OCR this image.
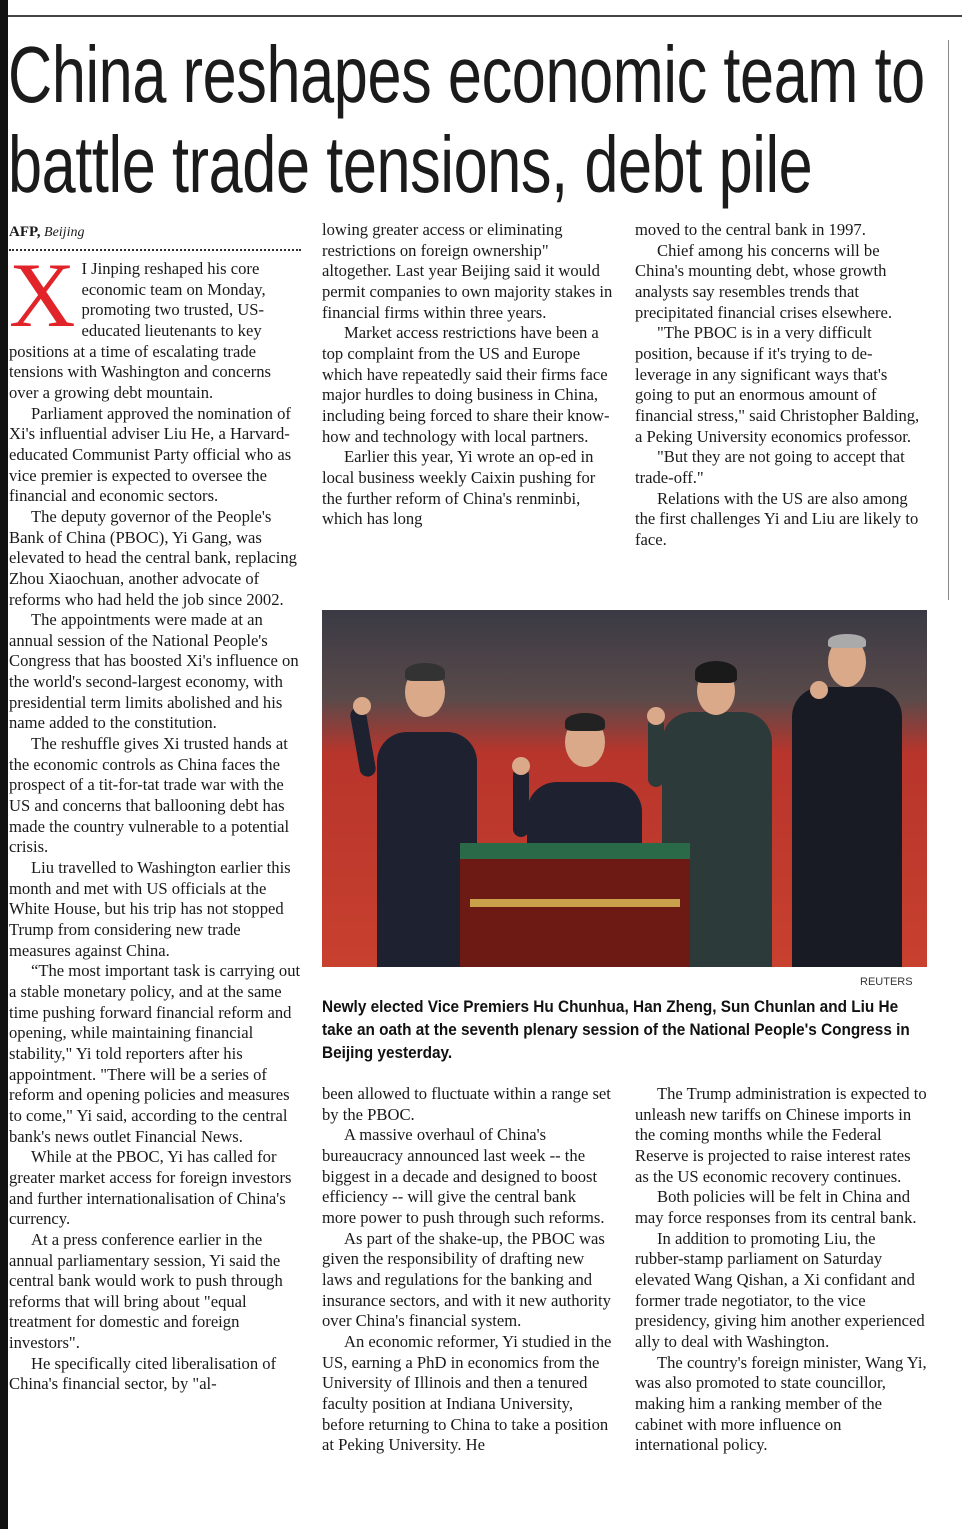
China reshapes economic team to
battle trade tensions, debt pile
AFP, Beijing
X I Jinping reshaped his core economic team on Monday, promoting two trusted, US-educated lieutenants to key positions at a time of escalating trade tensions with Washington and concerns over a growing debt mountain.

Parliament approved the nomination of Xi's influential adviser Liu He, a Harvard-educated Communist Party official who as vice premier is expected to oversee the financial and economic sectors.

The deputy governor of the People's Bank of China (PBOC), Yi Gang, was elevated to head the central bank, replacing Zhou Xiaochuan, another advocate of reforms who had held the job since 2002.

The appointments were made at an annual session of the National People's Congress that has boosted Xi's influence on the world's second-largest economy, with presidential term limits abolished and his name added to the constitution.

The reshuffle gives Xi trusted hands at the economic controls as China faces the prospect of a tit-for-tat trade war with the US and concerns that ballooning debt has made the country vulnerable to a potential crisis.

Liu travelled to Washington earlier this month and met with US officials at the White House, but his trip has not stopped Trump from considering new trade measures against China.

“The most important task is carrying out a stable monetary policy, and at the same time pushing forward financial reform and opening, while maintaining financial stability," Yi told reporters after his appointment. "There will be a series of reform and opening policies and measures to come," Yi said, according to the central bank's news outlet Financial News.

While at the PBOC, Yi has called for greater market access for foreign investors and further internationalisation of China's currency.

At a press conference earlier in the annual parliamentary session, Yi said the central bank would work to push through reforms that will bring about "equal treatment for domestic and foreign investors".

He specifically cited liberalisation of China's financial sector, by "al-

lowing greater access or eliminating restrictions on foreign ownership" altogether. Last year Beijing said it would permit companies to own majority stakes in financial firms within three years.

Market access restrictions have been a top complaint from the US and Europe which have repeatedly said their firms face major hurdles to doing business in China, including being forced to share their know-how and technology with local partners.

Earlier this year, Yi wrote an op-ed in local business weekly Caixin pushing for the further reform of China's renminbi, which has long

moved to the central bank in 1997.

Chief among his concerns will be China's mounting debt, whose growth analysts say resembles trends that precipitated financial crises elsewhere.

"The PBOC is in a very difficult position, because if it's trying to de-leverage in any significant ways that's going to put an enormous amount of financial stress," said Christopher Balding, a Peking University economics professor.

"But they are not going to accept that trade-off."

Relations with the US are also among the first challenges Yi and Liu are likely to face.

REUTERS
Newly elected Vice Premiers Hu Chunhua, Han Zheng, Sun Chunlan and Liu He take an oath at the seventh plenary session of the National People's Congress in Beijing yesterday.

been allowed to fluctuate within a range set by the PBOC.

A massive overhaul of China's bureaucracy announced last week -- the biggest in a decade and designed to boost efficiency -- will give the central bank more power to push through such reforms.

As part of the shake-up, the PBOC was given the responsibility of drafting new laws and regulations for the banking and insurance sectors, and with it new authority over China's financial system.

An economic reformer, Yi studied in the US, earning a PhD in economics from the University of Illinois and then a tenured faculty position at Indiana University, before returning to China to take a position at Peking University. He

The Trump administration is expected to unleash new tariffs on Chinese imports in the coming months while the Federal Reserve is projected to raise interest rates as the US economic recovery continues.

Both policies will be felt in China and may force responses from its central bank.

In addition to promoting Liu, the rubber-stamp parliament on Saturday elevated Wang Qishan, a Xi confidant and former trade negotiator, to the vice presidency, giving him another experienced ally to deal with Washington.

The country's foreign minister, Wang Yi, was also promoted to state councillor, making him a ranking member of the cabinet with more influence on international policy.
